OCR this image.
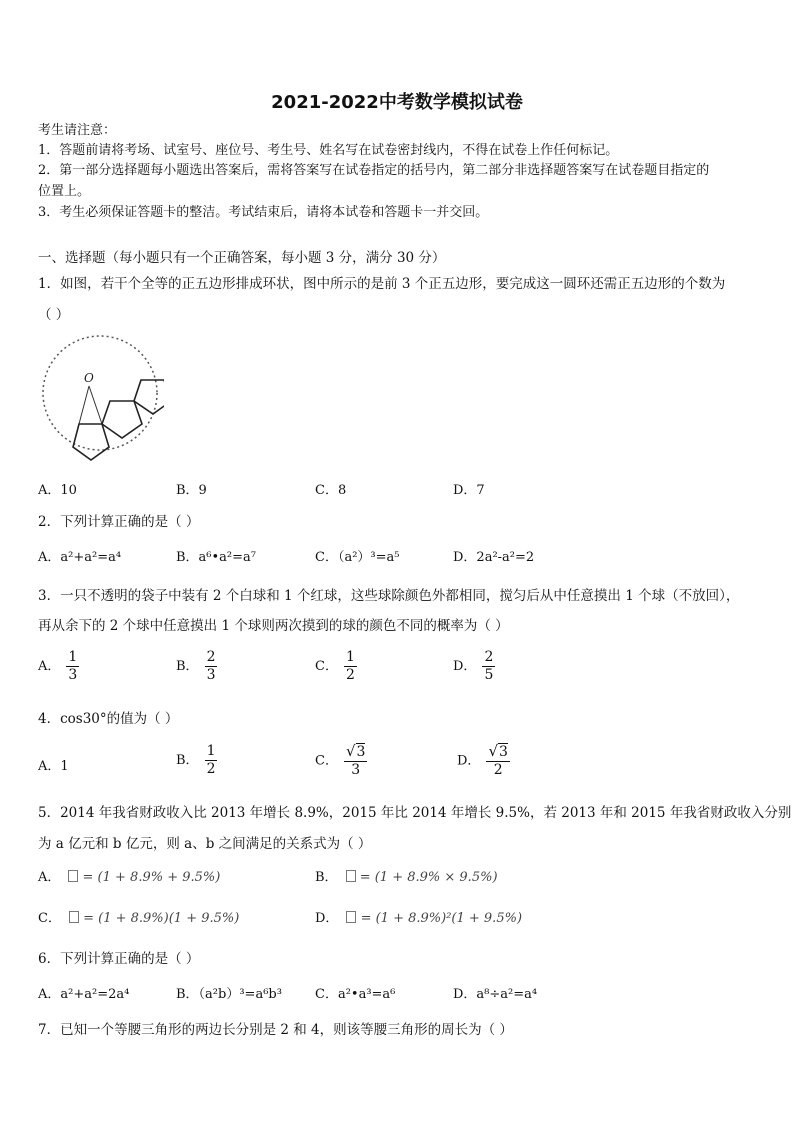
2021-2022中考数学模拟试卷
考生请注意：
1．答题前请将考场、试室号、座位号、考生号、姓名写在试卷密封线内，不得在试卷上作任何标记。
2．第一部分选择题每小题选出答案后，需将答案写在试卷指定的括号内，第二部分非选择题答案写在试卷题目指定的
位置上。
3．考生必须保证答题卡的整洁。考试结束后，请将本试卷和答题卡一并交回。
一、选择题（每小题只有一个正确答案，每小题 3 分，满分 30 分）
1．如图，若干个全等的正五边形排成环状，图中所示的是前 3 个正五边形，要完成这一圆环还需正五边形的个数为
（ ）
O
A．10	B．9	C．8	D．7
2．下列计算正确的是（ ）
A．a²+a²=a⁴	B．a⁶•a²=a⁷	C．（a²）³=a⁵	D．2a²-a²=2
3．一只不透明的袋子中装有 2 个白球和 1 个红球，这些球除颜色外都相同，搅匀后从中任意摸出 1 个球（不放回），
再从余下的 2 个球中任意摸出 1 个球则两次摸到的球的颜色不同的概率为（ ）
A． $\frac{1}{3}$	B． $\frac{2}{3}$	C． $\frac{1}{2}$	D． $\frac{2}{5}$
4．cos30°的值为（ ）
A．1	B． $\frac{1}{2}$	C． $\frac{√3}{3}$	D． $\frac{√3}{2}$
5．2014 年我省财政收入比 2013 年增长 8.9%，2015 年比 2014 年增长 9.5%，若 2013 年和 2015 年我省财政收入分别
为 a 亿元和 b 亿元，则 a、b 之间满足的关系式为（ ）
A． = (1 + 8.9% + 9.5%)	B． = (1 + 8.9% × 9.5%)
C． = (1 + 8.9%)(1 + 9.5%)	D． = (1 + 8.9%)²(1 + 9.5%)
6．下列计算正确的是（ ）
A．a²+a²=2a⁴	B．（a²b）³=a⁶b³	C．a²•a³=a⁶	D．a⁸÷a²=a⁴
7．已知一个等腰三角形的两边长分别是 2 和 4，则该等腰三角形的周长为（ ）
